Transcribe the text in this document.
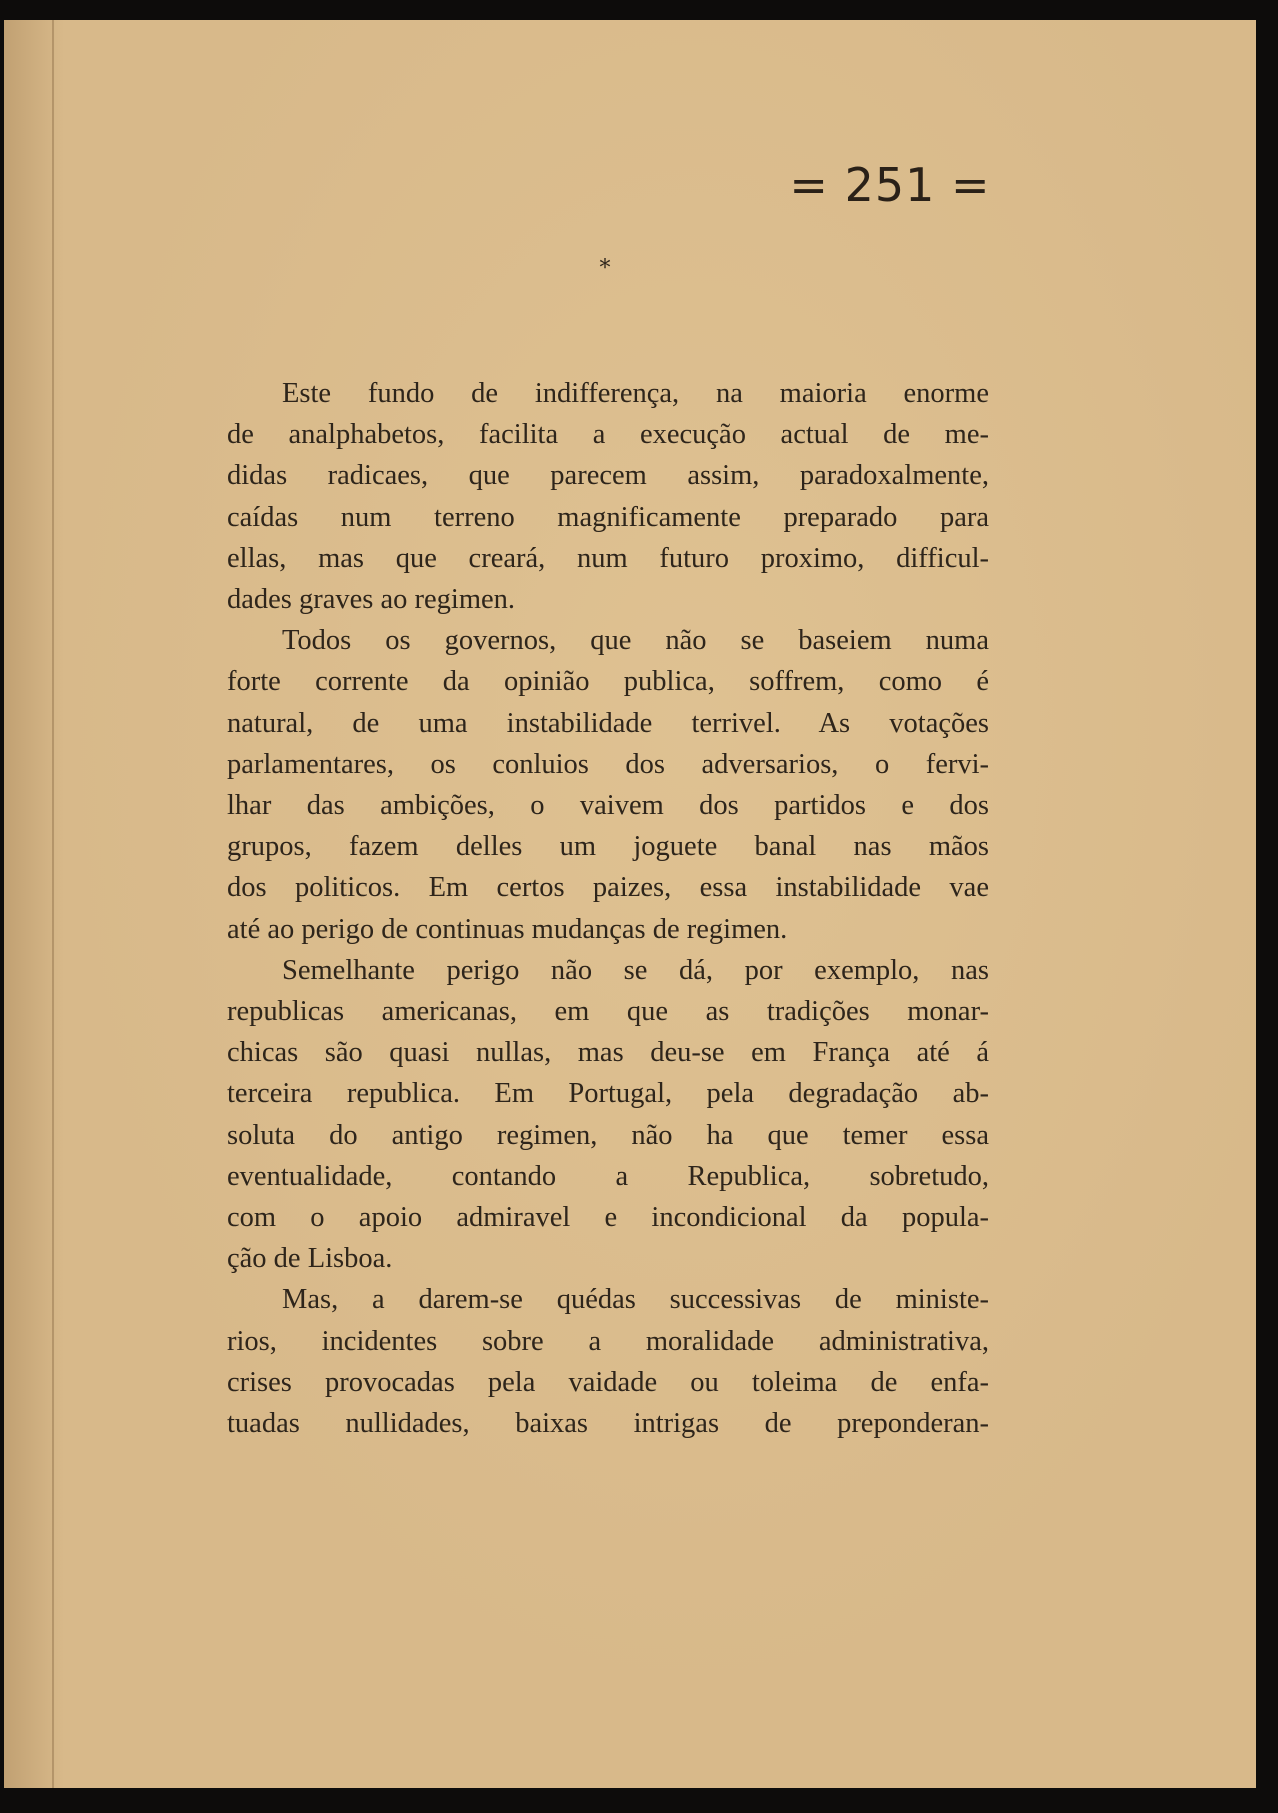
= 251 =
*
Este fundo de indifferença, na maioria enorme
de analphabetos, facilita a execução actual de me-
didas radicaes, que parecem assim, paradoxalmente,
caídas num terreno magnificamente preparado para
ellas, mas que creará, num futuro proximo, difficul-
dades graves ao regimen.
Todos os governos, que não se baseiem numa
forte corrente da opinião publica, soffrem, como é
natural, de uma instabilidade terrivel. As votações
parlamentares, os conluios dos adversarios, o fervi-
lhar das ambições, o vaivem dos partidos e dos
grupos, fazem delles um joguete banal nas mãos
dos politicos. Em certos paizes, essa instabilidade vae
até ao perigo de continuas mudanças de regimen.
Semelhante perigo não se dá, por exemplo, nas
republicas americanas, em que as tradições monar-
chicas são quasi nullas, mas deu-se em França até á
terceira republica. Em Portugal, pela degradação ab-
soluta do antigo regimen, não ha que temer essa
eventualidade, contando a Republica, sobretudo,
com o apoio admiravel e incondicional da popula-
ção de Lisboa.
Mas, a darem-se quédas successivas de ministe-
rios, incidentes sobre a moralidade administrativa,
crises provocadas pela vaidade ou toleima de enfa-
tuadas nullidades, baixas intrigas de preponderan-
